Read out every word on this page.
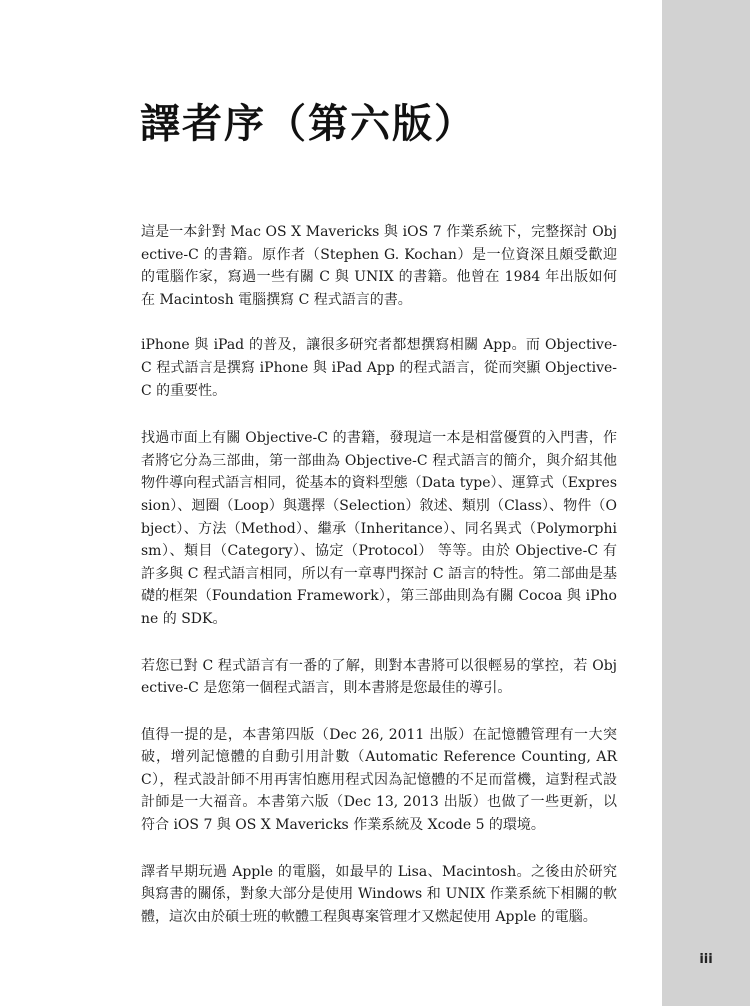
譯者序（第六版）

這是一本針對 Mac OS X Mavericks 與 iOS 7 作業系統下，完整探討 Objective-C 的書籍。原作者（Stephen G. Kochan）是一位資深且頗受歡迎的電腦作家，寫過一些有關 C 與 UNIX 的書籍。他曾在 1984 年出版如何在 Macintosh 電腦撰寫 C 程式語言的書。

iPhone 與 iPad 的普及，讓很多研究者都想撰寫相關 App。而 Objective-C 程式語言是撰寫 iPhone 與 iPad App 的程式語言，從而突顯 Objective-C 的重要性。

找過市面上有關 Objective-C 的書籍，發現這一本是相當優質的入門書，作者將它分為三部曲，第一部曲為 Objective-C 程式語言的簡介，與介紹其他物件導向程式語言相同，從基本的資料型態（Data type）、運算式（Expression）、迴圈（Loop）與選擇（Selection）敘述、類別（Class）、物件（Object）、方法（Method）、繼承（Inheritance）、同名異式（Polymorphism）、類目（Category）、協定（Protocol） 等等。由於 Objective-C 有許多與 C 程式語言相同，所以有一章專門探討 C 語言的特性。第二部曲是基礎的框架（Foundation Framework），第三部曲則為有關 Cocoa 與 iPhone 的 SDK。

若您已對 C 程式語言有一番的了解，則對本書將可以很輕易的掌控，若 Objective-C 是您第一個程式語言，則本書將是您最佳的導引。

值得一提的是，本書第四版（Dec 26, 2011 出版）在記憶體管理有一大突破，增列記憶體的自動引用計數（Automatic Reference Counting, ARC），程式設計師不用再害怕應用程式因為記憶體的不足而當機，這對程式設計師是一大福音。本書第六版（Dec 13, 2013 出版）也做了一些更新，以符合 iOS 7 與 OS X Mavericks 作業系統及 Xcode 5 的環境。

譯者早期玩過 Apple 的電腦，如最早的 Lisa、Macintosh。之後由於研究與寫書的關係，對象大部分是使用 Windows 和 UNIX 作業系統下相關的軟體，這次由於碩士班的軟體工程與專案管理才又燃起使用 Apple 的電腦。

iii
